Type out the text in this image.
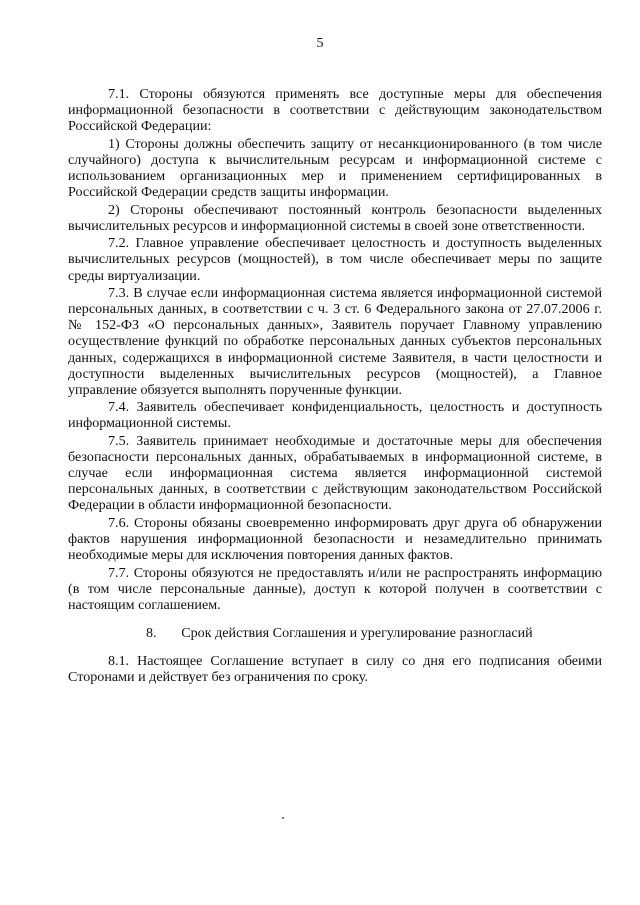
5

7.1. Стороны обязуются применять все доступные меры для обеспечения информационной безопасности в соответствии с действующим законодательством Российской Федерации:

1) Стороны должны обеспечить защиту от несанкционированного (в том числе случайного) доступа к вычислительным ресурсам и информационной системе с использованием организационных мер и применением сертифицированных в Российской Федерации средств защиты информации.

2) Стороны обеспечивают постоянный контроль безопасности выделенных вычислительных ресурсов и информационной системы в своей зоне ответственности.

7.2. Главное управление обеспечивает целостность и доступность выделенных вычислительных ресурсов (мощностей), в том числе обеспечивает меры по защите среды виртуализации.

7.3. В случае если информационная система является информационной системой персональных данных, в соответствии с ч. 3 ст. 6 Федерального закона от 27.07.2006 г. № 152-ФЗ «О персональных данных», Заявитель поручает Главному управлению осуществление функций по обработке персональных данных субъектов персональных данных, содержащихся в информационной системе Заявителя, в части целостности и доступности выделенных вычислительных ресурсов (мощностей), а Главное управление обязуется выполнять порученные функции.

7.4. Заявитель обеспечивает конфиденциальность, целостность и доступность информационной системы.

7.5. Заявитель принимает необходимые и достаточные меры для обеспечения безопасности персональных данных, обрабатываемых в информационной системе, в случае если информационная система является информационной системой персональных данных, в соответствии с действующим законодательством Российской Федерации в области информационной безопасности.

7.6. Стороны обязаны своевременно информировать друг друга об обнаружении фактов нарушения информационной безопасности и незамедлительно принимать необходимые меры для исключения повторения данных фактов.

7.7. Стороны обязуются не предоставлять и/или не распространять информацию (в том числе персональные данные), доступ к которой получен в соответствии с настоящим соглашением.

8.       Срок действия Соглашения и урегулирование разногласий

8.1. Настоящее Соглашение вступает в силу со дня его подписания обеими Сторонами и действует без ограничения по сроку.
